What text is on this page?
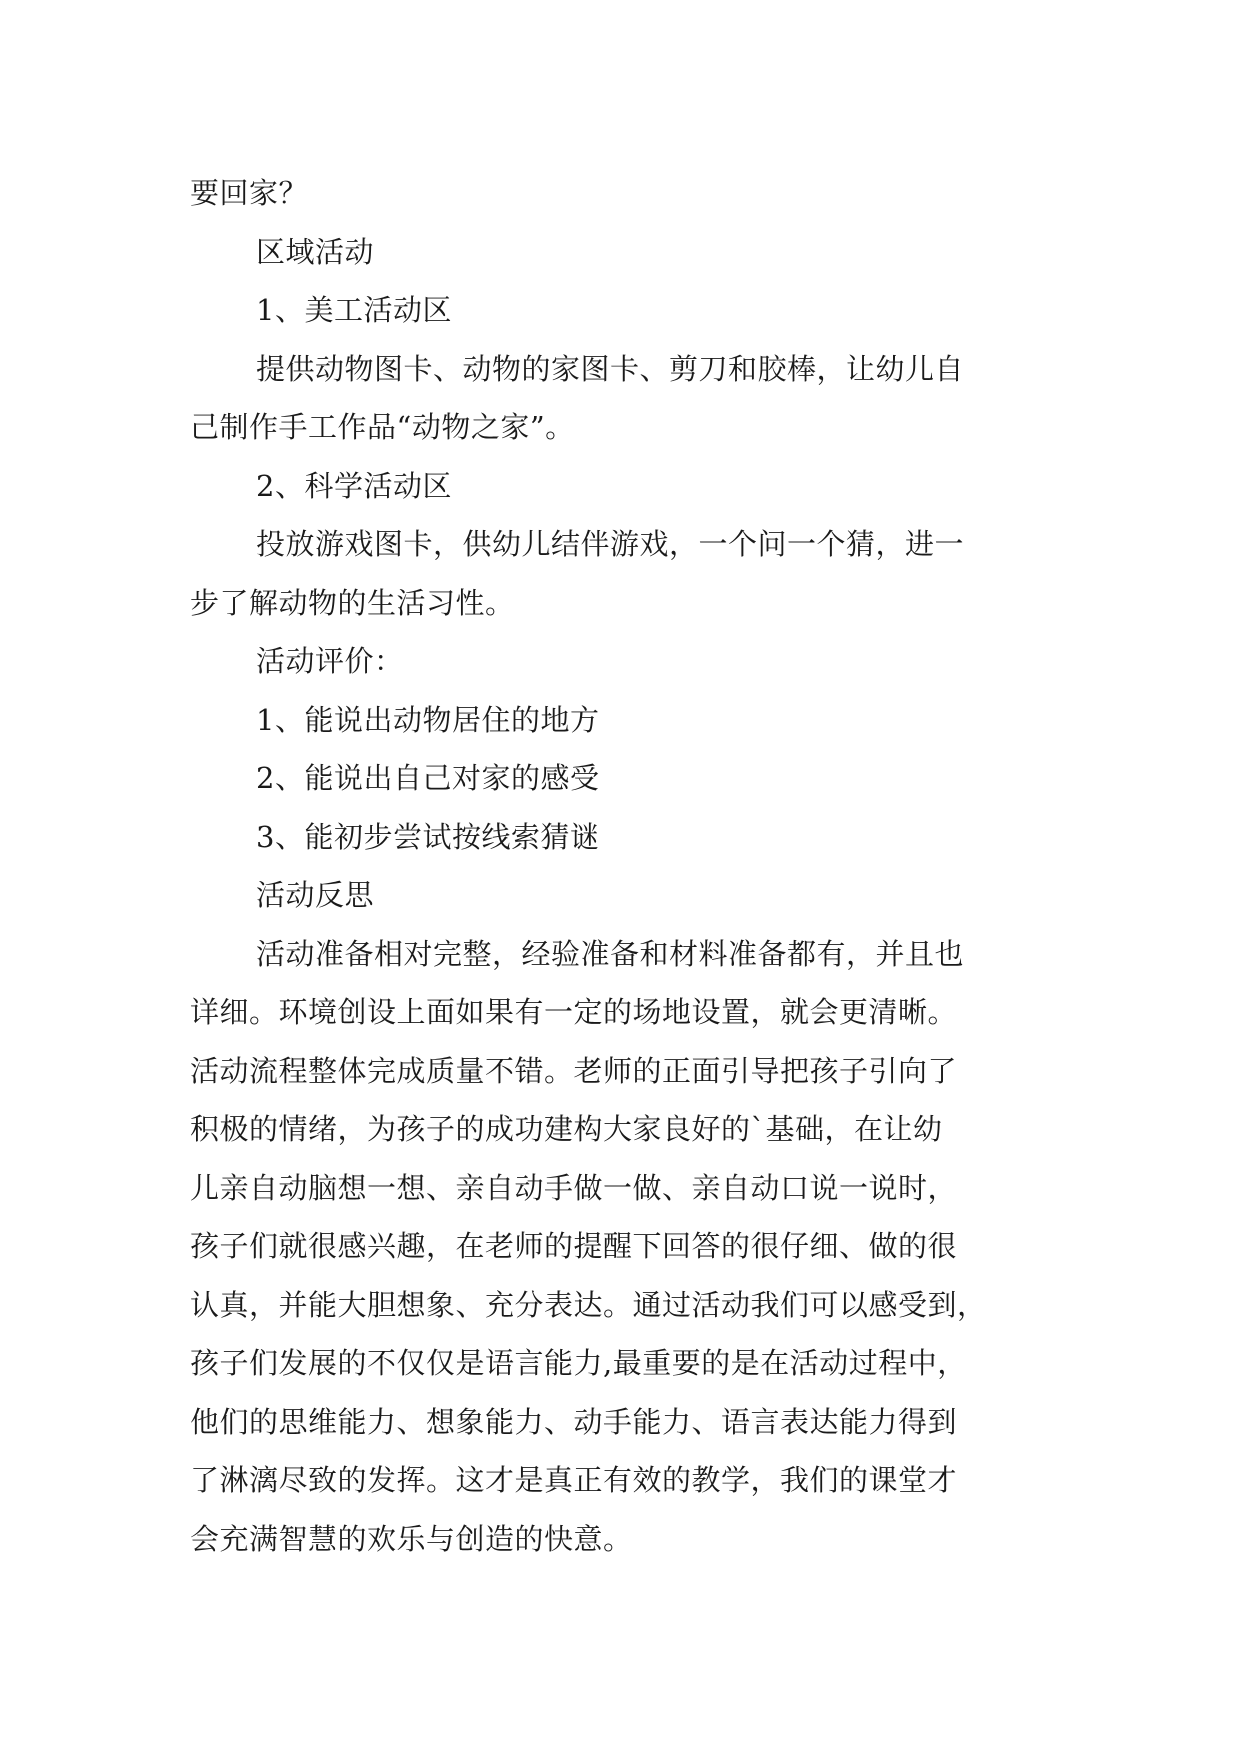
要回家？
区域活动
1、美工活动区
提供动物图卡、动物的家图卡、剪刀和胶棒，让幼儿自
己制作手工作品“动物之家”。
2、科学活动区
投放游戏图卡，供幼儿结伴游戏，一个问一个猜，进一
步了解动物的生活习性。
活动评价：
1、能说出动物居住的地方
2、能说出自己对家的感受
3、能初步尝试按线索猜谜
活动反思
活动准备相对完整，经验准备和材料准备都有，并且也
详细。环境创设上面如果有一定的场地设置，就会更清晰。
活动流程整体完成质量不错。老师的正面引导把孩子引向了
积极的情绪，为孩子的成功建构大家良好的`基础，在让幼
儿亲自动脑想一想、亲自动手做一做、亲自动口说一说时，
孩子们就很感兴趣，在老师的提醒下回答的很仔细、做的很
认真，并能大胆想象、充分表达。通过活动我们可以感受到，
孩子们发展的不仅仅是语言能力,最重要的是在活动过程中，
他们的思维能力、想象能力、动手能力、语言表达能力得到
了淋漓尽致的发挥。这才是真正有效的教学，我们的课堂才
会充满智慧的欢乐与创造的快意。
